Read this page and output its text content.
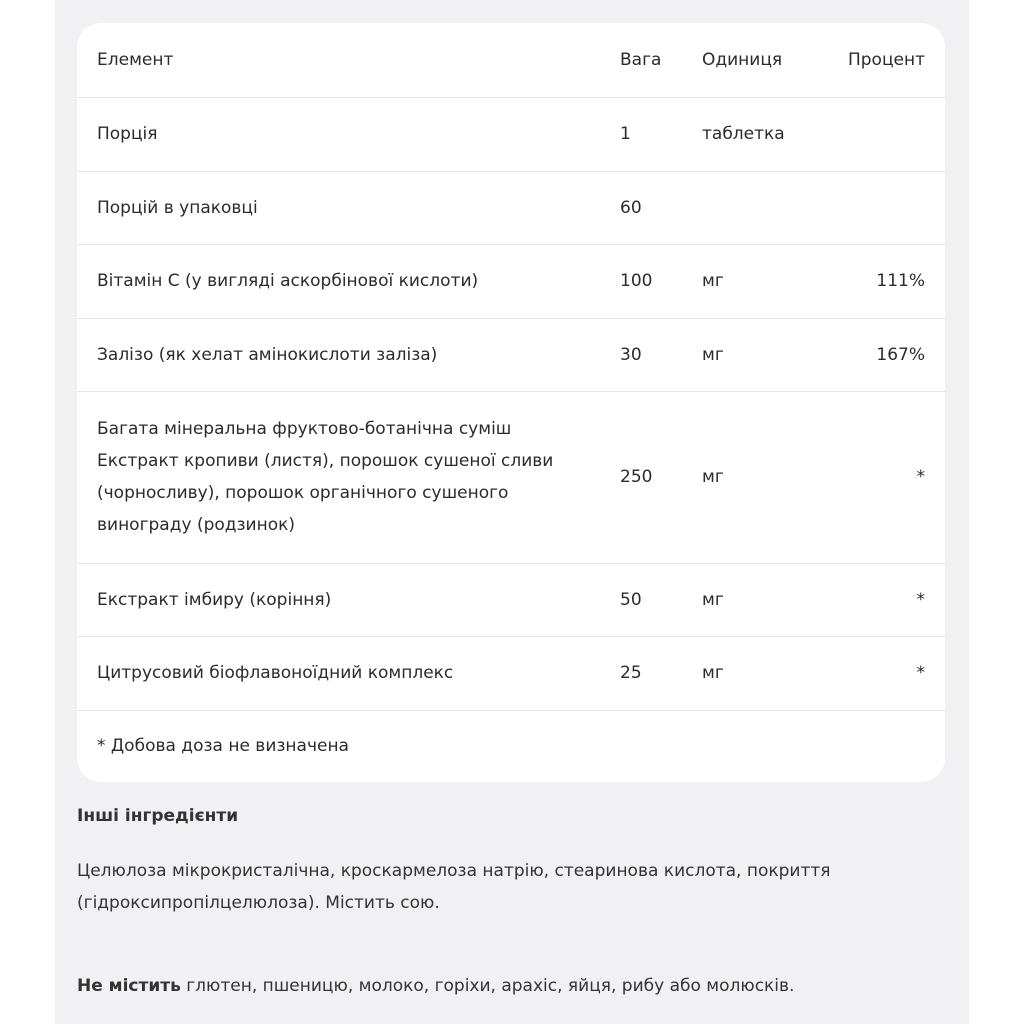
Елемент	Вага	Одиниця	Процент
Порція	1	таблетка	
Порцій в упаковці	60		
Вітамін C (у вигляді аскорбінової кислоти)	100	мг	111%
Залізо (як хелат амінокислоти заліза)	30	мг	167%

Багата мінеральна фруктово-ботанічна суміш
Екстракт кропиви (листя), порошок сушеної сливи
(чорносливу), порошок органічного сушеного
винограду (родзинок)	250	мг	*
Екстракт імбиру (коріння)	50	мг	*
Цитрусовий біофлавоноїдний комплекс	25	мг	*
* Добова доза не визначена			
Інші інгредієнти
Целюлоза мікрокристалічна, кроскармелоза натрію, стеаринова кислота, покриття (гідроксипропілцелюлоза). Містить сою.
Не містить глютен, пшеницю, молоко, горіхи, арахіс, яйця, рибу або молюсків.
